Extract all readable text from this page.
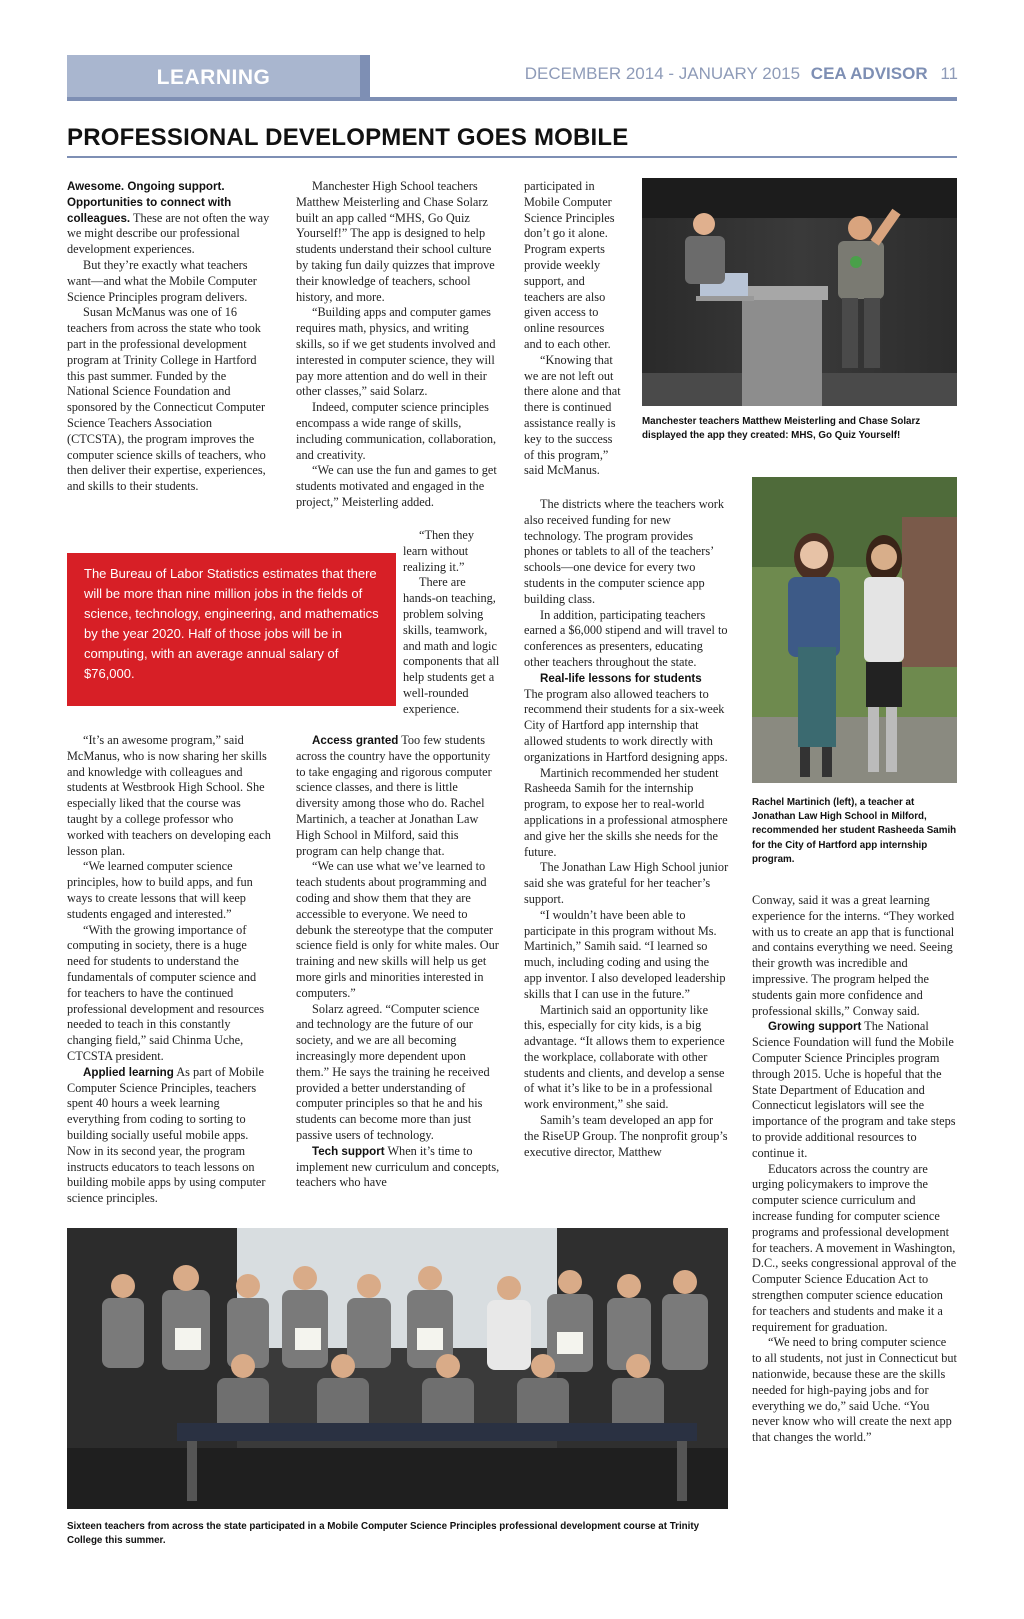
LEARNING	DECEMBER 2014 - JANUARY 2015 CEA ADVISOR 11
PROFESSIONAL DEVELOPMENT GOES MOBILE

Awesome. Ongoing support. Opportunities to connect with colleagues. These are not often the way we might describe our professional development experiences.

But they’re exactly what teachers want—and what the Mobile Computer Science Principles program delivers.

Susan McManus was one of 16 teachers from across the state who took part in the professional development program at Trinity College in Hartford this past summer. Funded by the National Science Foundation and sponsored by the Connecticut Computer Science Teachers Association (CTCSTA), the program improves the computer science skills of teachers, who then deliver their expertise, experiences, and skills to their students.

The Bureau of Labor Statistics estimates that there will be more than nine million jobs in the fields of science, technology, engineering, and mathematics by the year 2020. Half of those jobs will be in computing, with an average annual salary of $76,000.

“It’s an awesome program,” said McManus, who is now sharing her skills and knowledge with colleagues and students at Westbrook High School. She especially liked that the course was taught by a college professor who worked with teachers on developing each lesson plan.

“We learned computer science principles, how to build apps, and fun ways to create lessons that will keep students engaged and interested.”

“With the growing importance of computing in society, there is a huge need for students to understand the fundamentals of computer science and for teachers to have the continued professional development and resources needed to teach in this constantly changing field,” said Chinma Uche, CTCSTA president.

Applied learning As part of Mobile Computer Science Principles, teachers spent 40 hours a week learning everything from coding to sorting to building socially useful mobile apps. Now in its second year, the program instructs educators to teach lessons on building mobile apps by using computer science principles.

Manchester High School teachers Matthew Meisterling and Chase Solarz built an app called “MHS, Go Quiz Yourself!” The app is designed to help students understand their school culture by taking fun daily quizzes that improve their knowledge of teachers, school history, and more.

“Building apps and computer games requires math, physics, and writing skills, so if we get students involved and interested in computer science, they will pay more attention and do well in their other classes,” said Solarz.

Indeed, computer science principles encompass a wide range of skills, including communication, collaboration, and creativity.

“We can use the fun and games to get students motivated and engaged in the project,” Meisterling added.

“Then they learn without realizing it.”

There are hands-on teaching, problem solving skills, teamwork, and math and logic components that all help students get a well-rounded experience.

Access granted Too few students across the country have the opportunity to take engaging and rigorous computer science classes, and there is little diversity among those who do. Rachel Martinich, a teacher at Jonathan Law High School in Milford, said this program can help change that.

“We can use what we’ve learned to teach students about programming and coding and show them that they are accessible to everyone. We need to debunk the stereotype that the computer science field is only for white males. Our training and new skills will help us get more girls and minorities interested in computers.”

Solarz agreed. “Computer science and technology are the future of our society, and we are all becoming increasingly more dependent upon them.” He says the training he received provided a better understanding of computer principles so that he and his students can become more than just passive users of technology.

Tech support When it’s time to implement new curriculum and concepts, teachers who have

participated in Mobile Computer Science Principles don’t go it alone. Program experts provide weekly support, and teachers are also given access to online resources and to each other.

“Knowing that we are not left out there alone and that there is continued assistance really is key to the success of this program,” said McManus.

The districts where the teachers work also received funding for new technology. The program provides phones or tablets to all of the teachers’ schools—one device for every two students in the computer science app building class.

In addition, participating teachers earned a $6,000 stipend and will travel to conferences as presenters, educating other teachers throughout the state.

Real-life lessons for students

The program also allowed teachers to recommend their students for a six-week City of Hartford app internship that allowed students to work directly with organizations in Hartford designing apps.

Martinich recommended her student Rasheeda Samih for the internship program, to expose her to real-world applications in a professional atmosphere and give her the skills she needs for the future.

The Jonathan Law High School junior said she was grateful for her teacher’s support.

“I wouldn’t have been able to participate in this program without Ms. Martinich,” Samih said. “I learned so much, including coding and using the app inventor. I also developed leadership skills that I can use in the future.”

Martinich said an opportunity like this, especially for city kids, is a big advantage. “It allows them to experience the workplace, collaborate with other students and clients, and develop a sense of what it’s like to be in a professional work environment,” she said.

Samih’s team developed an app for the RiseUP Group. The nonprofit group’s executive director, Matthew

Manchester teachers Matthew Meisterling and Chase Solarz displayed the app they created: MHS, Go Quiz Yourself!
Rachel Martinich (left), a teacher at Jonathan Law High School in Milford, recommended her student Rasheeda Samih for the City of Hartford app internship program.

Conway, said it was a great learning experience for the interns. “They worked with us to create an app that is functional and contains everything we need. Seeing their growth was incredible and impressive. The program helped the students gain more confidence and professional skills,” Conway said.

Growing support The National Science Foundation will fund the Mobile Computer Science Principles program through 2015. Uche is hopeful that the State Department of Education and Connecticut legislators will see the importance of the program and take steps to provide additional resources to continue it.

Educators across the country are urging policymakers to improve the computer science curriculum and increase funding for computer science programs and professional development for teachers. A movement in Washington, D.C., seeks congressional approval of the Computer Science Education Act to strengthen computer science education for teachers and students and make it a requirement for graduation.

“We need to bring computer science to all students, not just in Connecticut but nationwide, because these are the skills needed for high-paying jobs and for everything we do,” said Uche. “You never know who will create the next app that changes the world.”

Sixteen teachers from across the state participated in a Mobile Computer Science Principles professional development course at Trinity College this summer.
